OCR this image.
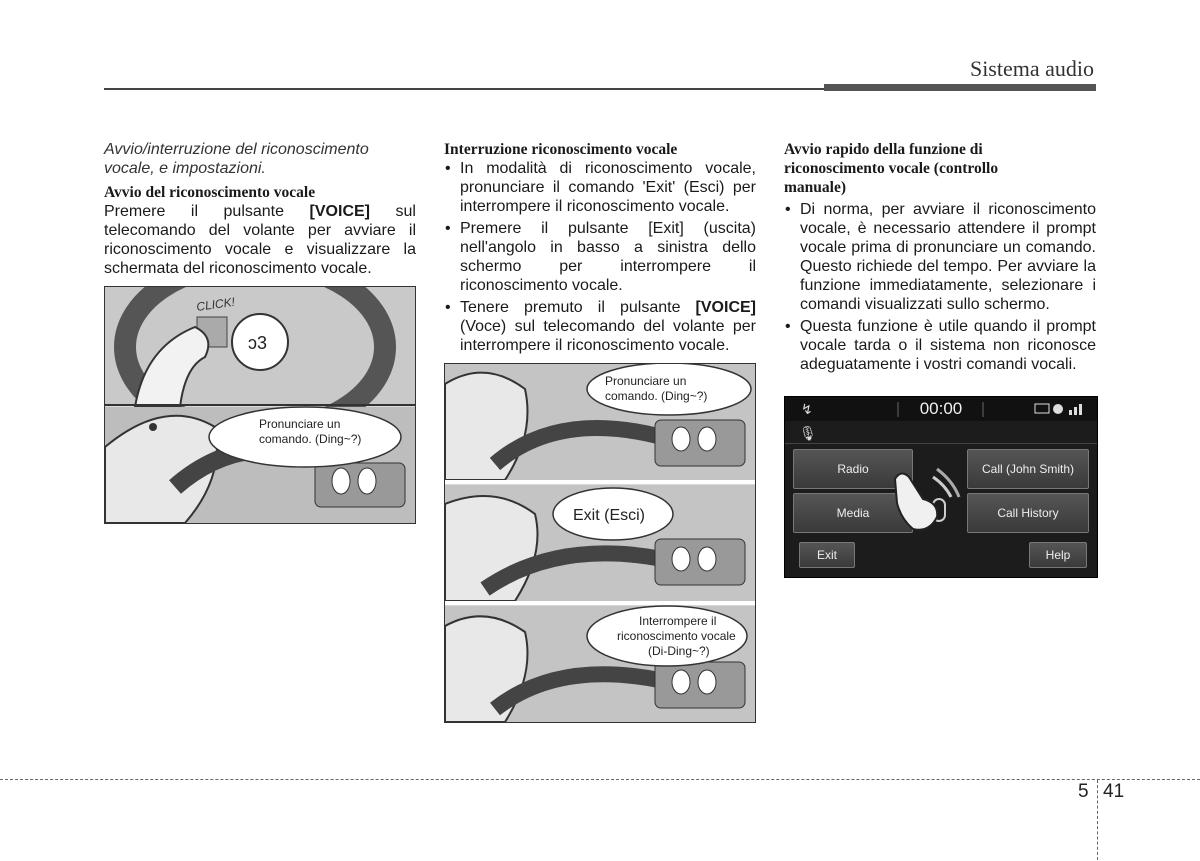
Sistema audio

Avvio/interruzione del riconoscimento vocale, e impostazioni.

Avvio del riconoscimento vocale

Premere il pulsante [VOICE] sul telecomando del volante per avviare il riconoscimento vocale e visualizzare la schermata del riconoscimento vocale.

ↄ3
CLICK!
Pronunciare un
comando. (Ding~?)

Interruzione riconoscimento vocale

• In modalità di riconoscimento vocale, pronunciare il comando 'Exit' (Esci) per interrompere il riconoscimento vocale.
• Premere il pulsante [Exit] (uscita) nell'angolo in basso a sinistra dello schermo per interrompere il riconoscimento vocale.
• Tenere premuto il pulsante [VOICE] (Voce) sul telecomando del volante per interrompere il riconoscimento vocale.
Pronunciare un
comando. (Ding~?)
Exit (Esci)
Interrompere il
riconoscimento vocale
(Di-Ding~?)

Avvio rapido della funzione di riconoscimento vocale (controllo manuale)

• Di norma, per avviare il riconoscimento vocale, è necessario attendere il prompt vocale prima di pronunciare un comando. Questo richiede del tempo. Per avviare la funzione immediatamente, selezionare i comandi visualizzati sullo schermo.
• Questa funzione è utile quando il prompt vocale tarda o il sistema non riconosce adeguatamente i vostri comandi vocali.
↯	00:00
🎙
Radio	Call (John Smith)
Media	Call History
Exit	Help
5 41
